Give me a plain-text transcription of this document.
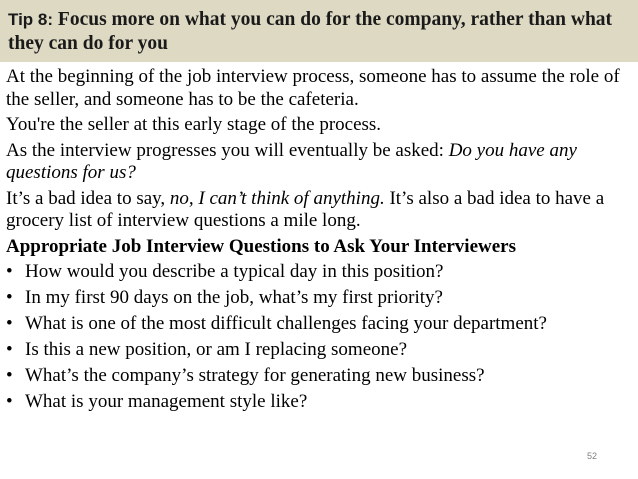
Tip 8: Focus more on what you can do for the company, rather than what they can do for you

At the beginning of the job interview process, someone has to assume the role of the seller, and someone has to be the cafeteria.

You're the seller at this early stage of the process.

As the interview progresses you will eventually be asked: Do you have any questions for us?

It’s a bad idea to say, no, I can’t think of anything. It’s also a bad idea to have a grocery list of interview questions a mile long.

Appropriate Job Interview Questions to Ask Your Interviewers

• How would you describe a typical day in this position?
• In my first 90 days on the job, what’s my first priority?
• What is one of the most difficult challenges facing your department?
• Is this a new position, or am I replacing someone?
• What’s the company’s strategy for generating new business?
• What is your management style like?
52
